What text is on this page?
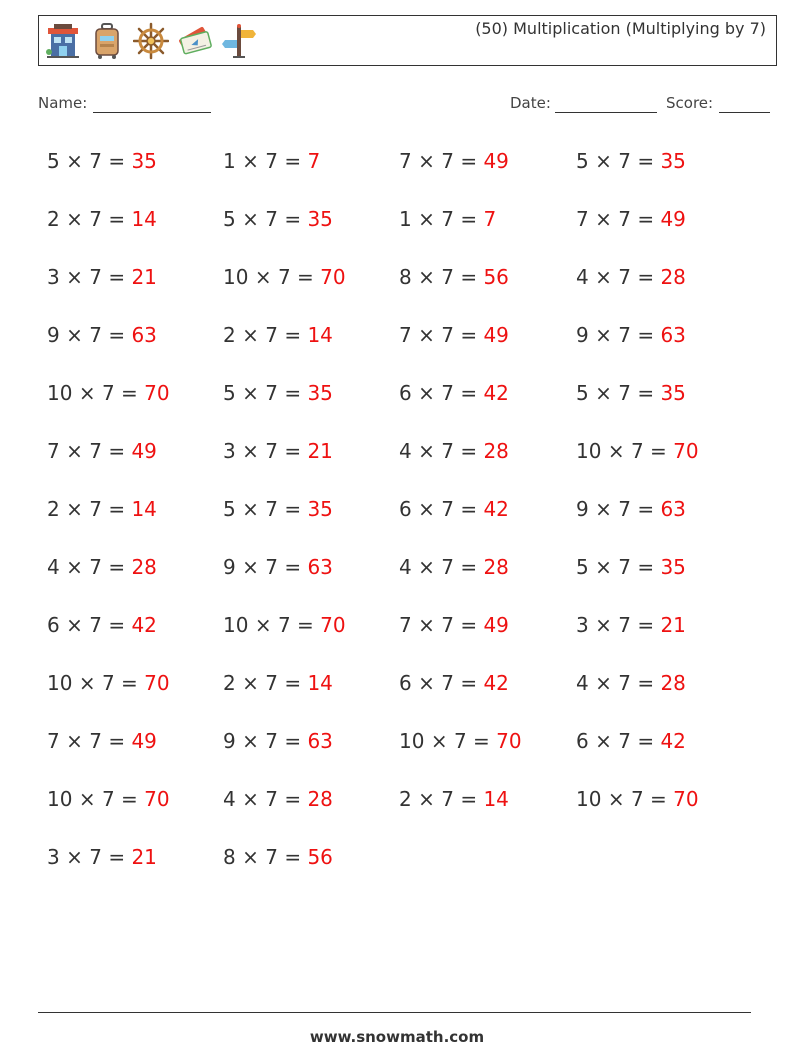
(50) Multiplication (Multiplying by 7)
Name:	Date:	Score:
5 × 7 = 35	1 × 7 = 7	7 × 7 = 49	5 × 7 = 35
2 × 7 = 14	5 × 7 = 35	1 × 7 = 7	7 × 7 = 49
3 × 7 = 21	10 × 7 = 70	8 × 7 = 56	4 × 7 = 28
9 × 7 = 63	2 × 7 = 14	7 × 7 = 49	9 × 7 = 63
10 × 7 = 70	5 × 7 = 35	6 × 7 = 42	5 × 7 = 35
7 × 7 = 49	3 × 7 = 21	4 × 7 = 28	10 × 7 = 70
2 × 7 = 14	5 × 7 = 35	6 × 7 = 42	9 × 7 = 63
4 × 7 = 28	9 × 7 = 63	4 × 7 = 28	5 × 7 = 35
6 × 7 = 42	10 × 7 = 70	7 × 7 = 49	3 × 7 = 21
10 × 7 = 70	2 × 7 = 14	6 × 7 = 42	4 × 7 = 28
7 × 7 = 49	9 × 7 = 63	10 × 7 = 70	6 × 7 = 42
10 × 7 = 70	4 × 7 = 28	2 × 7 = 14	10 × 7 = 70
3 × 7 = 21	8 × 7 = 56
www.snowmath.com
